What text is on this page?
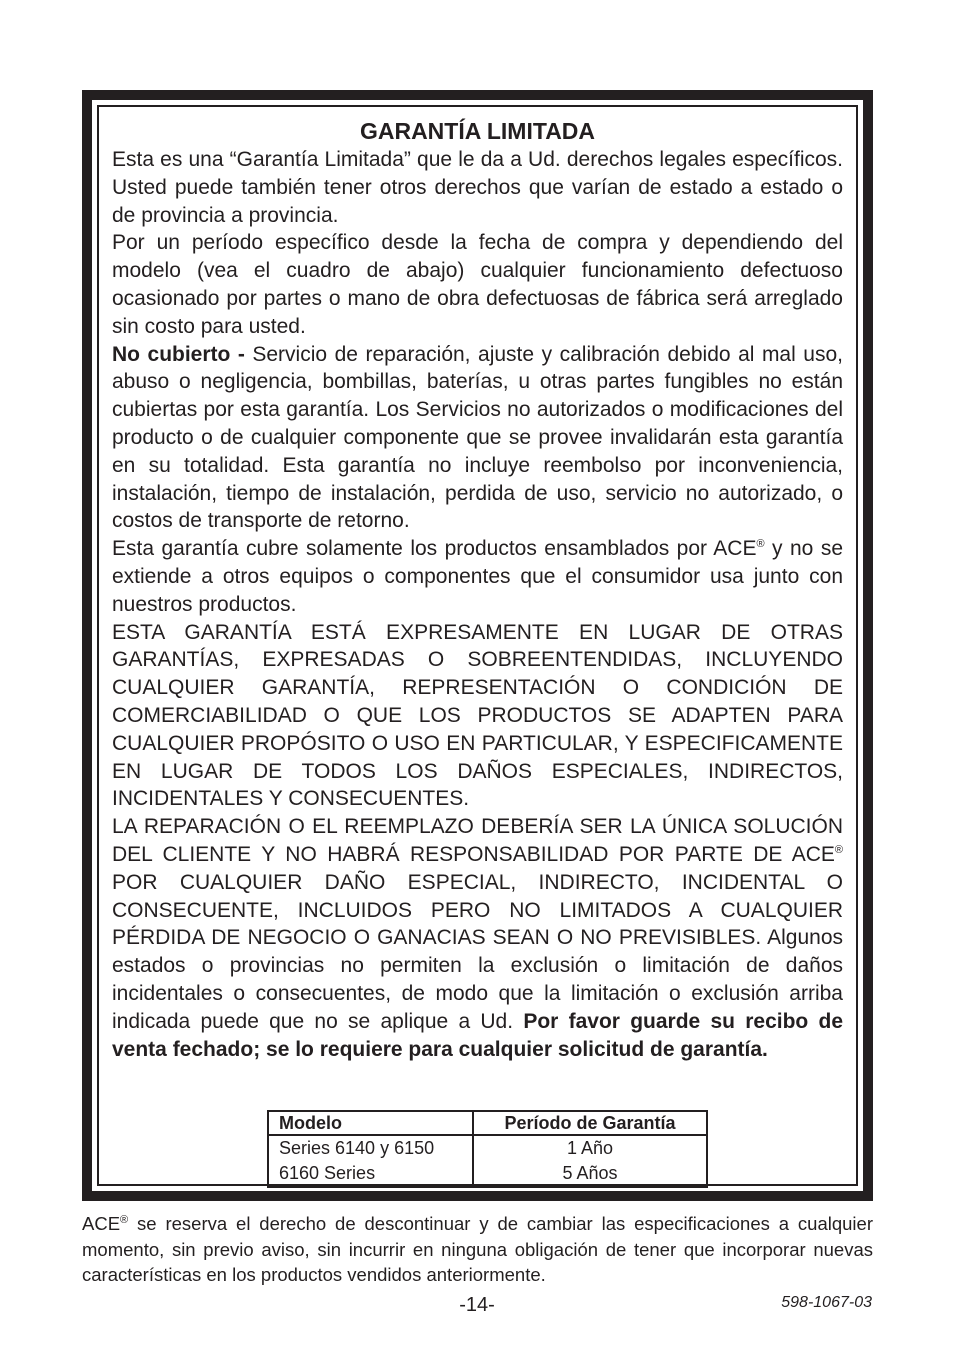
GARANTÍA LIMITADA

Esta es una “Garantía Limitada” que le da a Ud. derechos legales específicos. Usted puede también tener otros derechos que varían de estado a estado o de provincia a provincia.

Por un período específico desde la fecha de compra y dependiendo del modelo (vea el cuadro de abajo) cualquier funcionamiento defectuoso ocasionado por partes o mano de obra defectuosas de fábrica será arreglado sin costo para usted.

No cubierto - Servicio de reparación, ajuste y calibración debido al mal uso, abuso o negligencia, bombillas, baterías, u otras partes fungibles no están cubiertas por esta garantía. Los Servicios no autorizados o modificaciones del producto o de cualquier componente que se provee invalidarán esta garantía en su totalidad. Esta garantía no incluye reembolso por inconveniencia, instalación, tiempo de instalación, perdida de uso, servicio no autorizado, o costos de transporte de retorno.

Esta garantía cubre solamente los productos ensamblados por ACE® y no se extiende a otros equipos o componentes que el consumidor usa junto con nuestros productos.

ESTA GARANTÍA ESTÁ EXPRESAMENTE EN LUGAR DE OTRAS GARANTÍAS, EXPRESADAS O SOBREENTENDIDAS, INCLUYENDO CUALQUIER GARANTÍA, REPRESENTACIÓN O CONDICIÓN DE COMERCIABILIDAD O QUE LOS PRODUCTOS SE ADAPTEN PARA CUALQUIER PROPÓSITO O USO EN PARTICULAR, Y ESPECIFICAMENTE EN LUGAR DE TODOS LOS DAÑOS ESPECIALES, INDIRECTOS, INCIDENTALES Y CONSECUENTES.

LA REPARACIÓN O EL REEMPLAZO DEBERÍA SER LA ÚNICA SOLUCIÓN DEL CLIENTE Y NO HABRÁ RESPONSABILIDAD POR PARTE DE ACE® POR CUALQUIER DAÑO ESPECIAL, INDIRECTO, INCIDENTAL O CONSECUENTE, INCLUIDOS PERO NO LIMITADOS A CUALQUIER PÉRDIDA DE NEGOCIO O GANACIAS SEAN O NO PREVISIBLES. Algunos estados o provincias no permiten la exclusión o limitación de daños incidentales o consecuentes, de modo que la limitación o exclusión arriba indicada puede que no se aplique a Ud. Por favor guarde su recibo de venta fechado; se lo requiere para cualquier solicitud de garantía.

Modelo	Período de Garantía
Series 6140 y 6150	1 Año
6160 Series	5 Años
ACE® se reserva el derecho de descontinuar y de cambiar las especificaciones a cualquier momento, sin previo aviso, sin incurrir en ninguna obligación de tener que incorporar nuevas características en los productos vendidos anteriormente.
-14-	598-1067-03
